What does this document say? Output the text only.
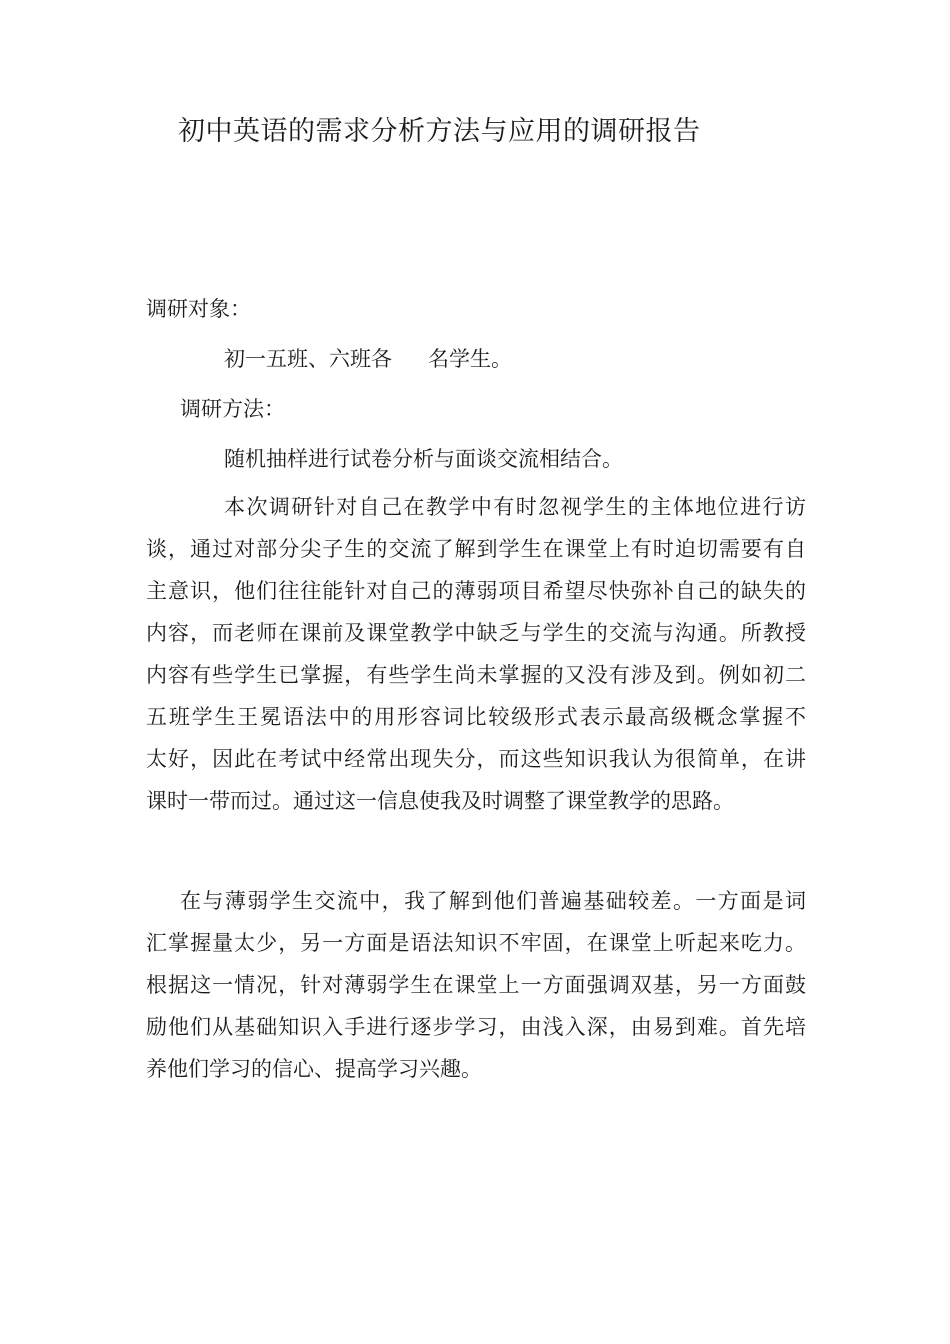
初中英语的需求分析方法与应用的调研报告
调研对象：
初一五班、六班各 名学生。
调研方法：
随机抽样进行试卷分析与面谈交流相结合。
本次调研针对自己在教学中有时忽视学生的主体地位进行访
谈，通过对部分尖子生的交流了解到学生在课堂上有时迫切需要有自
主意识，他们往往能针对自己的薄弱项目希望尽快弥补自己的缺失的
内容，而老师在课前及课堂教学中缺乏与学生的交流与沟通。所教授
内容有些学生已掌握，有些学生尚未掌握的又没有涉及到。例如初二
五班学生王冕语法中的用形容词比较级形式表示最高级概念掌握不
太好，因此在考试中经常出现失分，而这些知识我认为很简单，在讲
课时一带而过。通过这一信息使我及时调整了课堂教学的思路。
在与薄弱学生交流中，我了解到他们普遍基础较差。一方面是词
汇掌握量太少，另一方面是语法知识不牢固，在课堂上听起来吃力。
根据这一情况，针对薄弱学生在课堂上一方面强调双基，另一方面鼓
励他们从基础知识入手进行逐步学习，由浅入深，由易到难。首先培
养他们学习的信心、提高学习兴趣。
